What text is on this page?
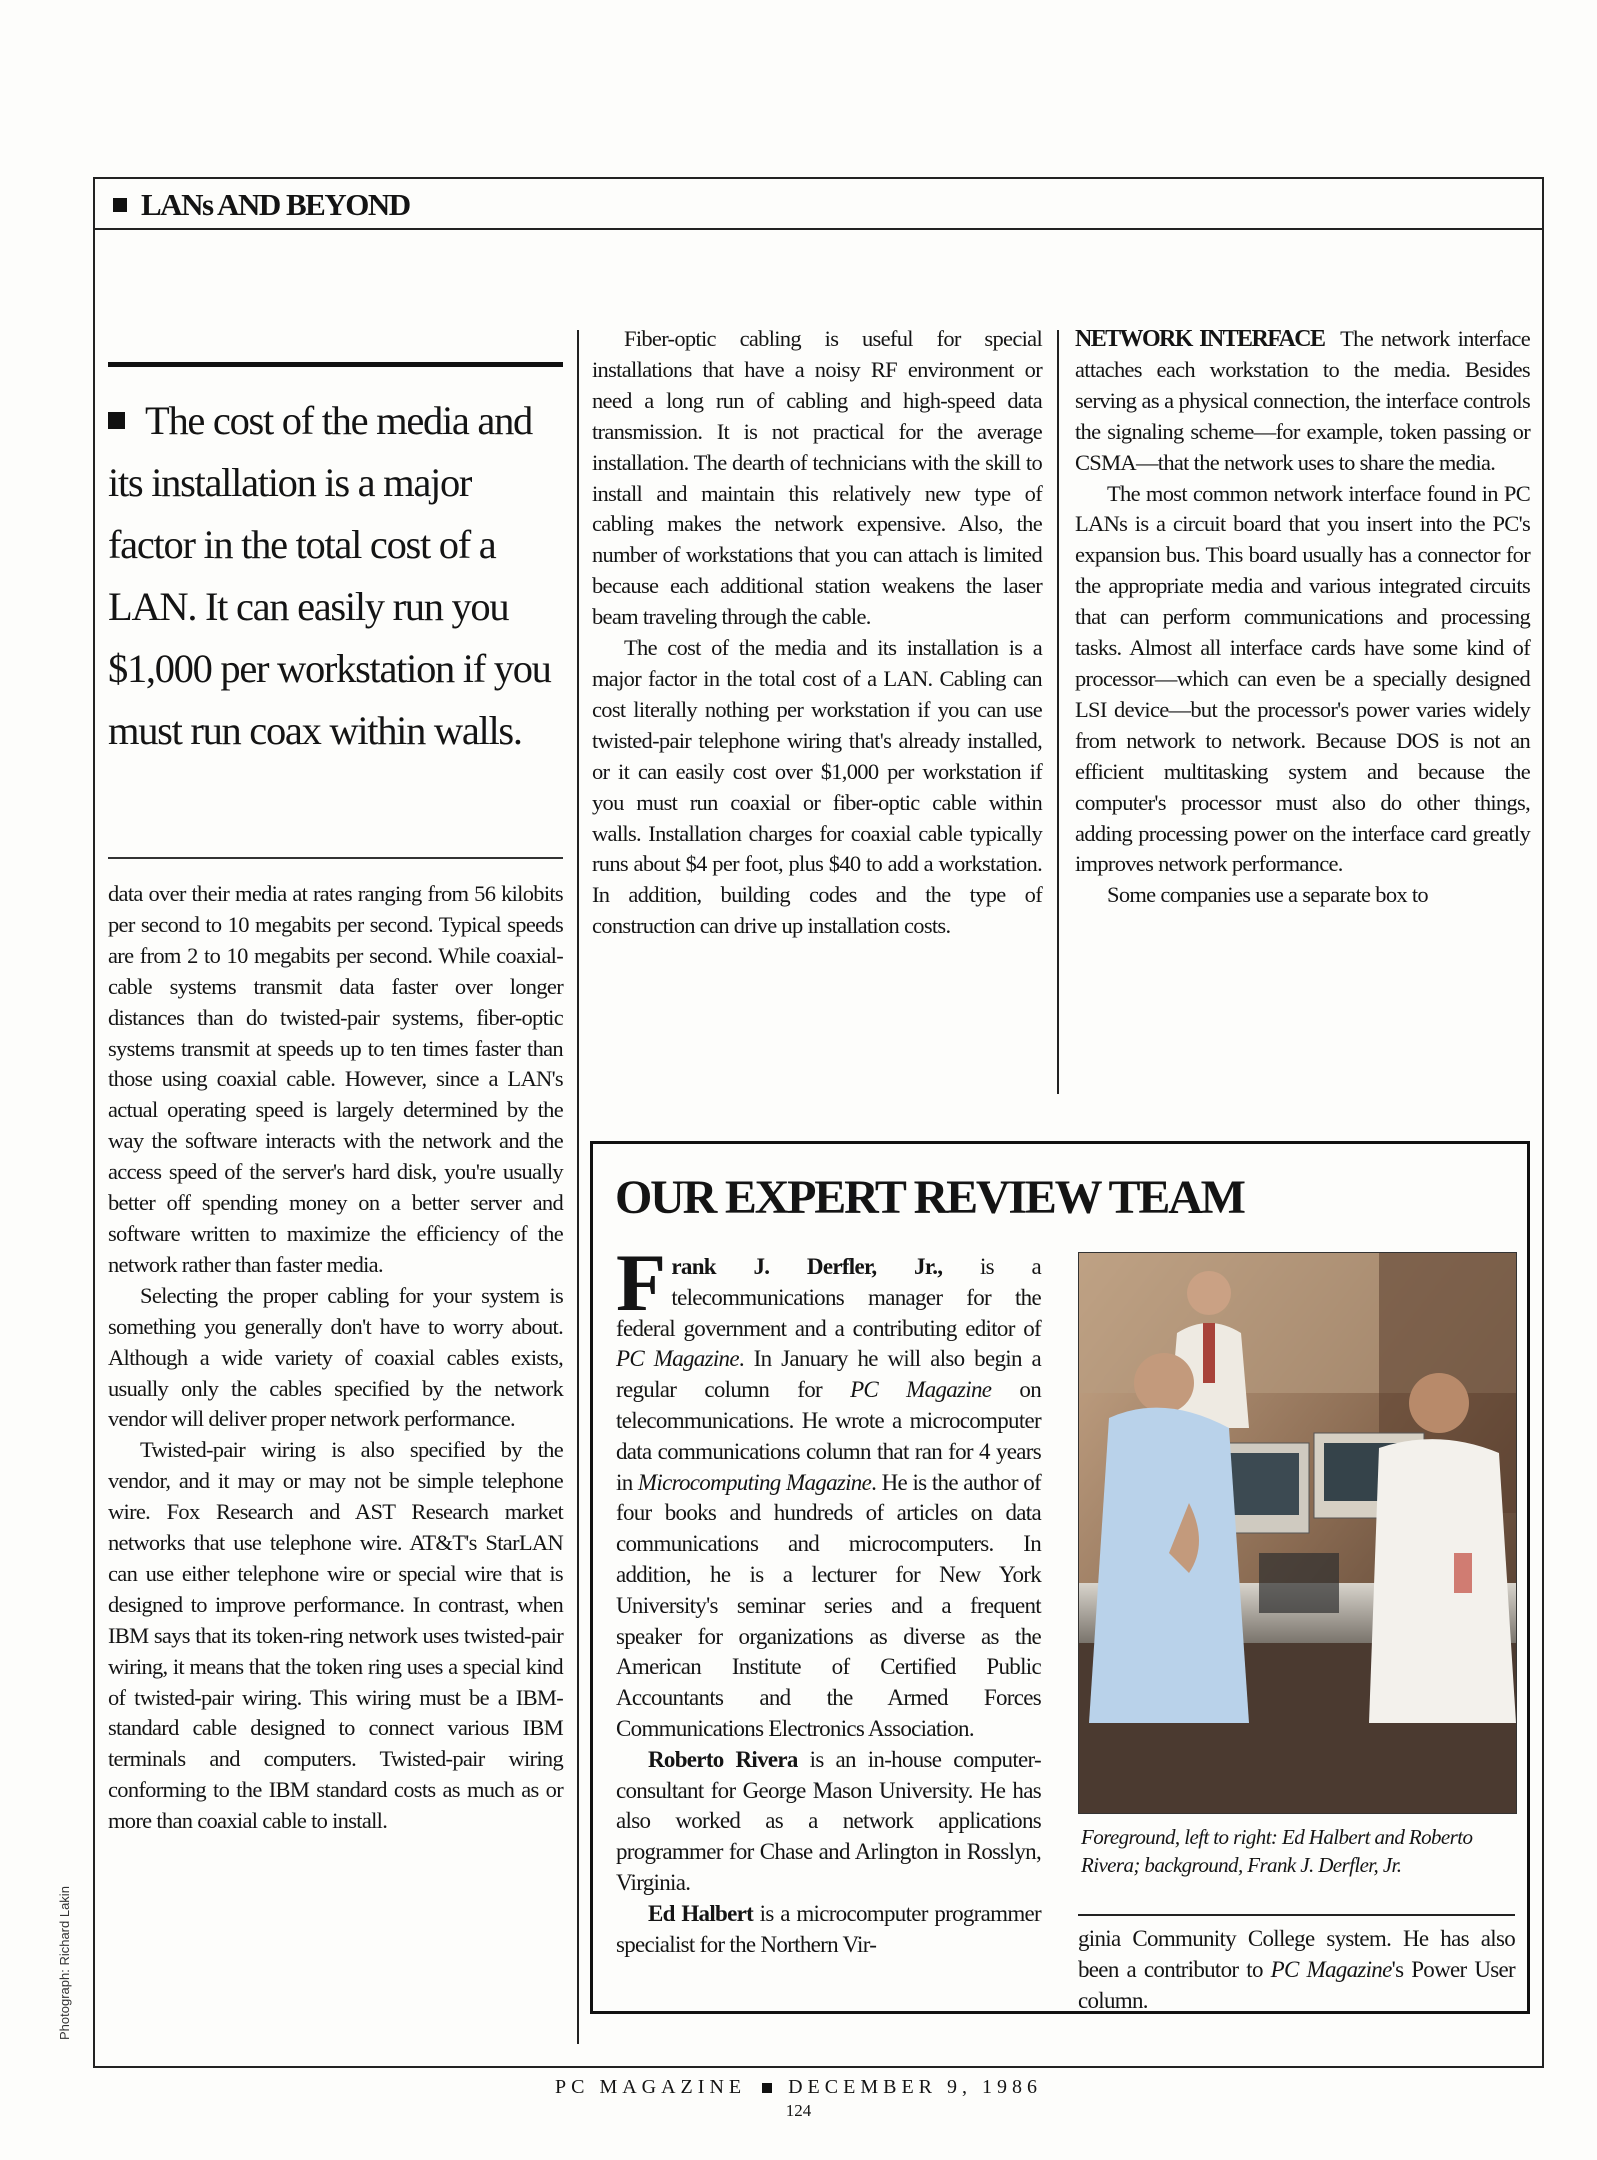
LANs AND BEYOND
The cost of the media and its installation is a major factor in the total cost of a LAN. It can easily run you $1,000 per workstation if you must run coax within walls.

data over their media at rates ranging from 56 kilobits per second to 10 megabits per second. Typical speeds are from 2 to 10 megabits per second. While coaxial-cable systems transmit data faster over longer distances than do twisted-pair systems, fiber-optic systems transmit at speeds up to ten times faster than those using coaxial cable. However, since a LAN's actual operating speed is largely determined by the way the software interacts with the network and the access speed of the server's hard disk, you're usually better off spending money on a better server and software written to maximize the efficiency of the network rather than faster media.

Selecting the proper cabling for your system is something you generally don't have to worry about. Although a wide variety of coaxial cables exists, usually only the cables specified by the network vendor will deliver proper network performance.

Twisted-pair wiring is also specified by the vendor, and it may or may not be simple telephone wire. Fox Research and AST Research market networks that use telephone wire. AT&T's StarLAN can use either telephone wire or special wire that is designed to improve performance. In contrast, when IBM says that its token-ring network uses twisted-pair wiring, it means that the token ring uses a special kind of twisted-pair wiring. This wiring must be a IBM-standard cable designed to connect various IBM terminals and computers. Twisted-pair wiring conforming to the IBM standard costs as much as or more than coaxial cable to install.

Fiber-optic cabling is useful for special installations that have a noisy RF environment or need a long run of cabling and high-speed data transmission. It is not practical for the average installation. The dearth of technicians with the skill to install and maintain this relatively new type of cabling makes the network expensive. Also, the number of workstations that you can attach is limited because each additional station weakens the laser beam traveling through the cable.

The cost of the media and its installation is a major factor in the total cost of a LAN. Cabling can cost literally nothing per workstation if you can use twisted-pair telephone wiring that's already installed, or it can easily cost over $1,000 per workstation if you must run coaxial or fiber-optic cable within walls. Installation charges for coaxial cable typically runs about $4 per foot, plus $40 to add a workstation. In addition, building codes and the type of construction can drive up installation costs.

NETWORK INTERFACE The network interface attaches each workstation to the media. Besides serving as a physical connection, the interface controls the signaling scheme—for example, token passing or CSMA—that the network uses to share the media.

The most common network interface found in PC LANs is a circuit board that you insert into the PC's expansion bus. This board usually has a connector for the appropriate media and various integrated circuits that can perform communications and processing tasks. Almost all interface cards have some kind of processor—which can even be a specially designed LSI device—but the processor's power varies widely from network to network. Because DOS is not an efficient multitasking system and because the computer's processor must also do other things, adding processing power on the interface card greatly improves network performance.

Some companies use a separate box to

OUR EXPERT REVIEW TEAM

Frank J. Derfler, Jr., is a telecommunications manager for the federal government and a contributing editor of PC Magazine. In January he will also begin a regular column for PC Magazine on telecommunications. He wrote a microcomputer data communications column that ran for 4 years in Microcomputing Magazine. He is the author of four books and hundreds of articles on data communications and microcomputers. In addition, he is a lecturer for New York University's seminar series and a frequent speaker for organizations as diverse as the American Institute of Certified Public Accountants and the Armed Forces Communications Electronics Association.

Roberto Rivera is an in-house computer-consultant for George Mason University. He has also worked as a network applications programmer for Chase and Arlington in Rosslyn, Virginia.

Ed Halbert is a microcomputer programmer specialist for the Northern Vir-

Foreground, left to right: Ed Halbert and Roberto Rivera; background, Frank J. Derfler, Jr.
ginia Community College system. He has also been a contributor to PC Magazine's Power User column.
Photograph: Richard Lakin
PC MAGAZINE DECEMBER 9, 1986
124
